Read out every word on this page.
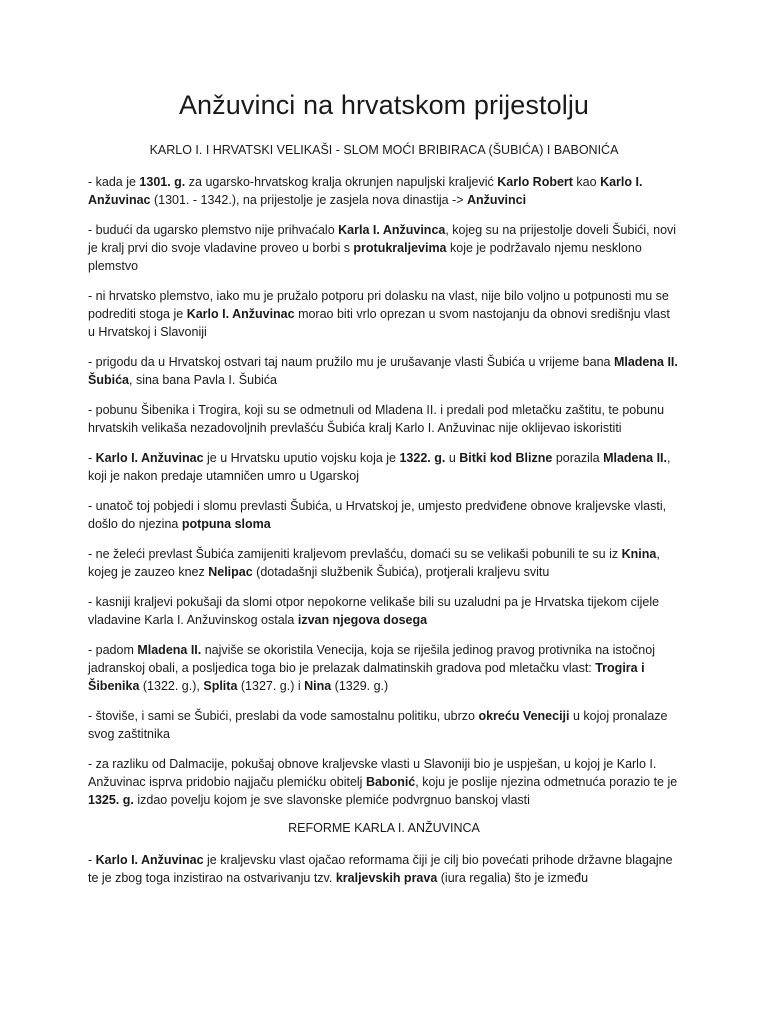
Anžuvinci na hrvatskom prijestolju
KARLO I. I HRVATSKI VELIKAŠI - SLOM MOĆI BRIBIRACA (ŠUBIĆA) I BABONIĆA

- kada je 1301. g. za ugarsko-hrvatskog kralja okrunjen napuljski kraljević Karlo Robert kao Karlo I. Anžuvinac (1301. - 1342.), na prijestolje je zasjela nova dinastija -> Anžuvinci

- budući da ugarsko plemstvo nije prihvaćalo Karla I. Anžuvinca, kojeg su na prijestolje doveli Šubići, novi je kralj prvi dio svoje vladavine proveo u borbi s protukraljevima koje je podržavalo njemu nesklono plemstvo

- ni hrvatsko plemstvo, iako mu je pružalo potporu pri dolasku na vlast, nije bilo voljno u potpunosti mu se podrediti stoga je Karlo I. Anžuvinac morao biti vrlo oprezan u svom nastojanju da obnovi središnju vlast u Hrvatskoj i Slavoniji

- prigodu da u Hrvatskoj ostvari taj naum pružilo mu je urušavanje vlasti Šubića u vrijeme bana Mladena II. Šubića, sina bana Pavla I. Šubića

- pobunu Šibenika i Trogira, koji su se odmetnuli od Mladena II. i predali pod mletačku zaštitu, te pobunu hrvatskih velikaša nezadovoljnih prevlašću Šubića kralj Karlo I. Anžuvinac nije oklijevao iskoristiti

- Karlo I. Anžuvinac je u Hrvatsku uputio vojsku koja je 1322. g. u Bitki kod Blizne porazila Mladena II., koji je nakon predaje utamničen umro u Ugarskoj

- unatoč toj pobjedi i slomu prevlasti Šubića, u Hrvatskoj je, umjesto predviđene obnove kraljevske vlasti, došlo do njezina potpuna sloma

- ne želeći prevlast Šubića zamijeniti kraljevom prevlašću, domaći su se velikaši pobunili te su iz Knina, kojeg je zauzeo knez Nelipac (dotadašnji službenik Šubića), protjerali kraljevu svitu

- kasniji kraljevi pokušaji da slomi otpor nepokorne velikaše bili su uzaludni pa je Hrvatska tijekom cijele vladavine Karla I. Anžuvinskog ostala izvan njegova dosega

- padom Mladena II. najviše se okoristila Venecija, koja se riješila jedinog pravog protivnika na istočnoj jadranskoj obali, a posljedica toga bio je prelazak dalmatinskih gradova pod mletačku vlast: Trogira i Šibenika (1322. g.), Splita (1327. g.) i Nina (1329. g.)

- štoviše, i sami se Šubići, preslabi da vode samostalnu politiku, ubrzo okreću Veneciji u kojoj pronalaze svog zaštitnika

- za razliku od Dalmacije, pokušaj obnove kraljevske vlasti u Slavoniji bio je uspješan, u kojoj je Karlo I. Anžuvinac isprva pridobio najjaču plemićku obitelj Babonić, koju je poslije njezina odmetnuća porazio te je 1325. g. izdao povelju kojom je sve slavonske plemiće podvrgnuo banskoj vlasti

REFORME KARLA I. ANŽUVINCA

- Karlo I. Anžuvinac je kraljevsku vlast ojačao reformama čiji je cilj bio povećati prihode državne blagajne te je zbog toga inzistirao na ostvarivanju tzv. kraljevskih prava (iura regalia) što je između
